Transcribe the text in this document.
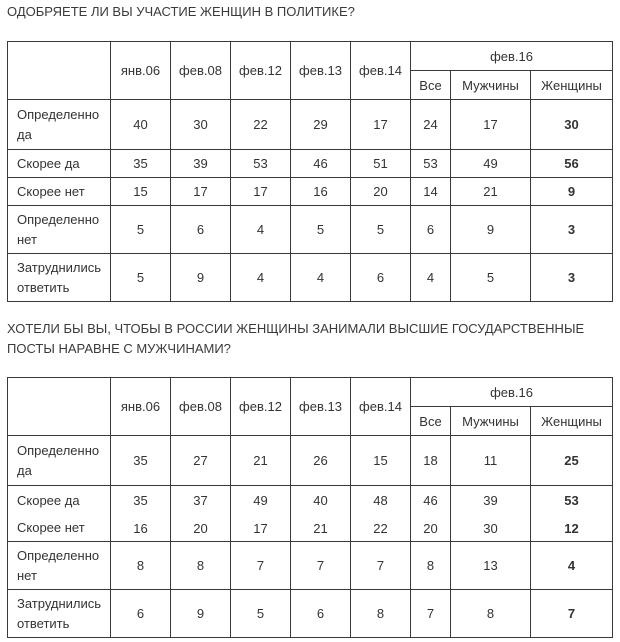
ОДОБРЯЕТЕ ЛИ ВЫ УЧАСТИЕ ЖЕНЩИН В ПОЛИТИКЕ?
	янв.06	фев.08	фев.12	фев.13	фев.14	фев.16		
						Все	Мужчины	Женщины
Определенно да	40	30	22	29	17	24	17	30
Скорее да	35	39	53	46	51	53	49	56
Скорее нет	15	17	17	16	20	14	21	9
Определенно нет	5	6	4	5	5	6	9	3
Затруднились ответить	5	9	4	4	6	4	5	3
ХОТЕЛИ БЫ ВЫ, ЧТОБЫ В РОССИИ ЖЕНЩИНЫ ЗАНИМАЛИ ВЫСШИЕ ГОСУДАРСТВЕННЫЕ ПОСТЫ НАРАВНЕ С МУЖЧИНАМИ?
	янв.06	фев.08	фев.12	фев.13	фев.14	фев.16		
						Все	Мужчины	Женщины
Определенно да	35	27	21	26	15	18	11	25
Скорее да	35	37	49	40	48	46	39	53
Скорее нет	16	20	17	21	22	20	30	12
Определенно нет	8	8	7	7	7	8	13	4
Затруднились ответить	6	9	5	6	8	7	8	7
